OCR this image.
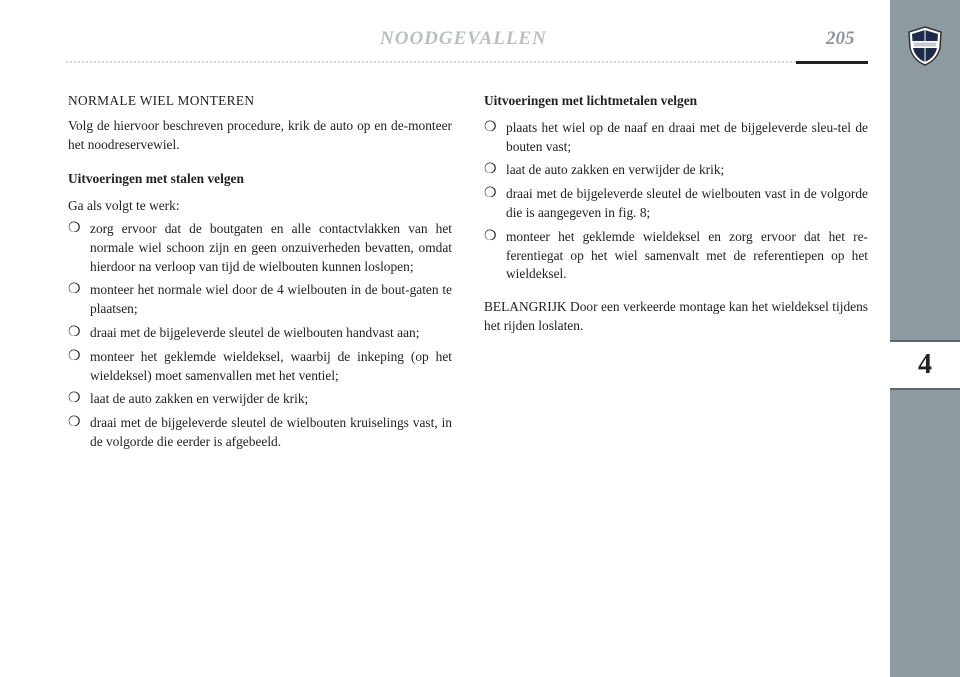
NOODGEVALLEN	205
4
NORMALE WIEL MONTEREN

Volg de hiervoor beschreven procedure, krik de auto op en de-monteer het noodreservewiel.

Uitvoeringen met stalen velgen

Ga als volgt te werk:

❍ zorg ervoor dat de boutgaten en alle contactvlakken van het normale wiel schoon zijn en geen onzuiverheden bevatten, omdat hierdoor na verloop van tijd de wielbouten kunnen loslopen;
❍ monteer het normale wiel door de 4 wielbouten in de bout-gaten te plaatsen;
❍ draai met de bijgeleverde sleutel de wielbouten handvast aan;
❍ monteer het geklemde wieldeksel, waarbij de inkeping (op het wieldeksel) moet samenvallen met het ventiel;
❍ laat de auto zakken en verwijder de krik;
❍ draai met de bijgeleverde sleutel de wielbouten kruiselings vast, in de volgorde die eerder is afgebeeld.
Uitvoeringen met lichtmetalen velgen
❍ plaats het wiel op de naaf en draai met de bijgeleverde sleu-tel de bouten vast;
❍ laat de auto zakken en verwijder de krik;
❍ draai met de bijgeleverde sleutel de wielbouten vast in de volgorde die is aangegeven in fig. 8;
❍ monteer het geklemde wieldeksel en zorg ervoor dat het re-ferentiegat op het wiel samenvalt met de referentiepen op het wieldeksel.

BELANGRIJK Door een verkeerde montage kan het wieldeksel tijdens het rijden loslaten.
